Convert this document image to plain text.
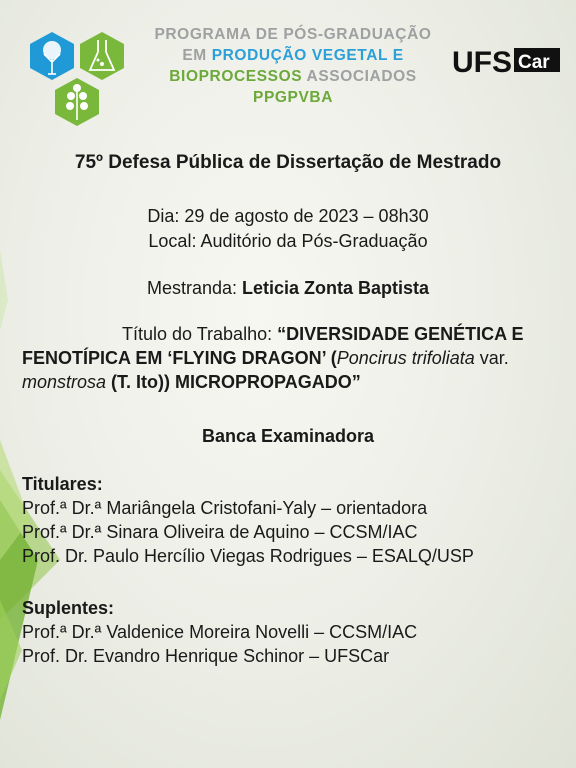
PROGRAMA DE PÓS-GRADUAÇÃO
EM PRODUÇÃO VEGETAL E
BIOPROCESSOS ASSOCIADOS
PPGPVBA
UFS Car
75º Defesa Pública de Dissertação de Mestrado
Dia: 29 de agosto de 2023 – 08h30
Local: Auditório da Pós-Graduação
Mestranda: Leticia Zonta Baptista
Título do Trabalho: “DIVERSIDADE GENÉTICA E FENOTÍPICA EM ‘FLYING DRAGON’ (Poncirus trifoliata var. monstrosa (T. Ito)) MICROPROPAGADO”
Banca Examinadora
Titulares:
Prof.ª Dr.ª Mariângela Cristofani-Yaly – orientadora
Prof.ª Dr.ª Sinara Oliveira de Aquino – CCSM/IAC
Prof. Dr. Paulo Hercílio Viegas Rodrigues – ESALQ/USP
Suplentes:
Prof.ª Dr.ª Valdenice Moreira Novelli – CCSM/IAC
Prof. Dr. Evandro Henrique Schinor – UFSCar
